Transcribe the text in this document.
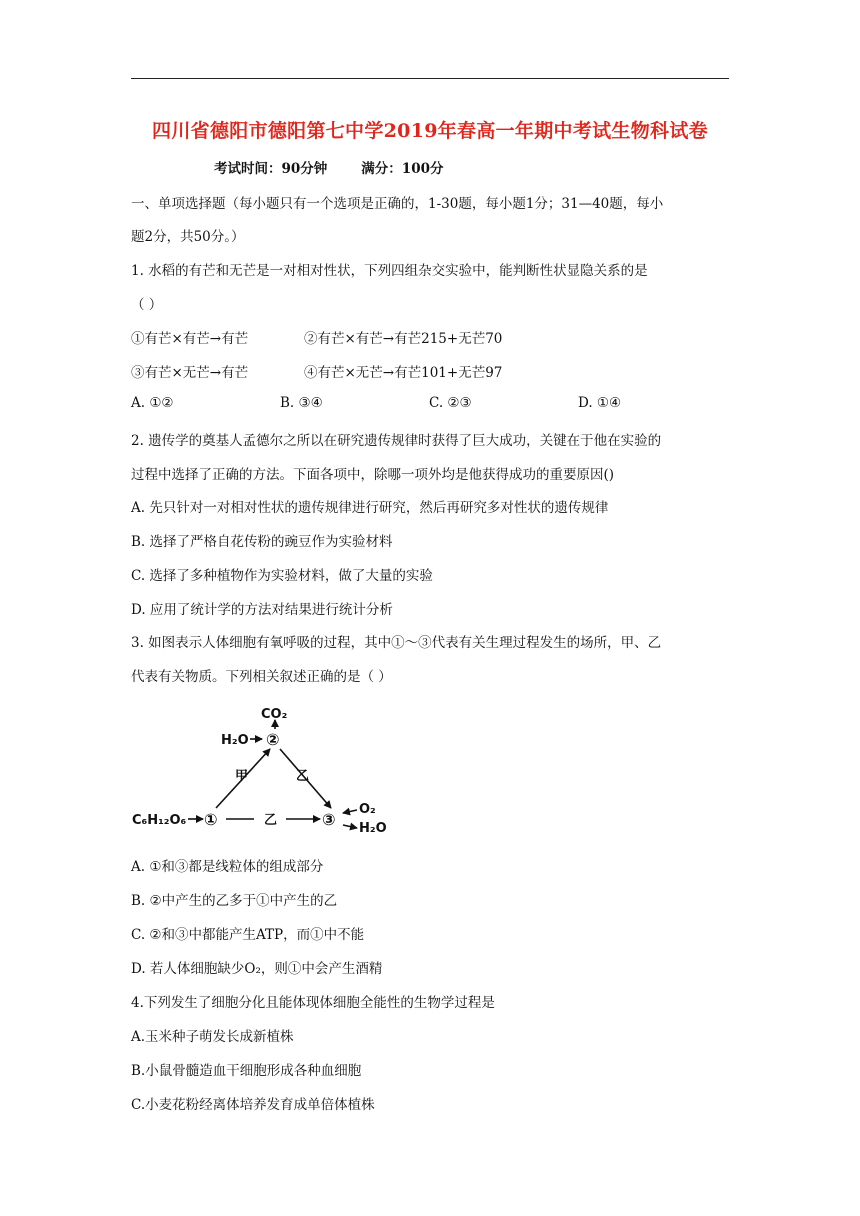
四川省德阳市德阳第七中学2019年春高一年期中考试生物科试卷
考试时间：90分钟	满分：100分
一、单项选择题（每小题只有一个选项是正确的，1-30题，每小题1分；31—40题，每小
题2分，共50分。）
1. 水稻的有芒和无芒是一对相对性状，下列四组杂交实验中，能判断性状显隐关系的是
（ ）
①有芒×有芒→有芒	②有芒×有芒→有芒215+无芒70
③有芒×无芒→有芒	④有芒×无芒→有芒101+无芒97
A. ①②	B. ③④	C. ②③	D. ①④
2. 遗传学的奠基人孟德尔之所以在研究遗传规律时获得了巨大成功，关键在于他在实验的
过程中选择了正确的方法。下面各项中，除哪一项外均是他获得成功的重要原因()
A. 先只针对一对相对性状的遗传规律进行研究，然后再研究多对性状的遗传规律
B. 选择了严格自花传粉的豌豆作为实验材料
C. 选择了多种植物作为实验材料，做了大量的实验
D. 应用了统计学的方法对结果进行统计分析
3. 如图表示人体细胞有氧呼吸的过程，其中①～③代表有关生理过程发生的场所，甲、乙
代表有关物质。下列相关叙述正确的是（ ）
CO₂
H₂O ②
甲	乙
C₆H₁₂O₆ ①	乙	③
O₂
H₂O
A. ①和③都是线粒体的组成部分
B. ②中产生的乙多于①中产生的乙
C. ②和③中都能产生ATP，而①中不能
D. 若人体细胞缺少O₂，则①中会产生酒精
4.下列发生了细胞分化且能体现体细胞全能性的生物学过程是
A.玉米种子萌发长成新植株
B.小鼠骨髓造血干细胞形成各种血细胞
C.小麦花粉经离体培养发育成单倍体植株
